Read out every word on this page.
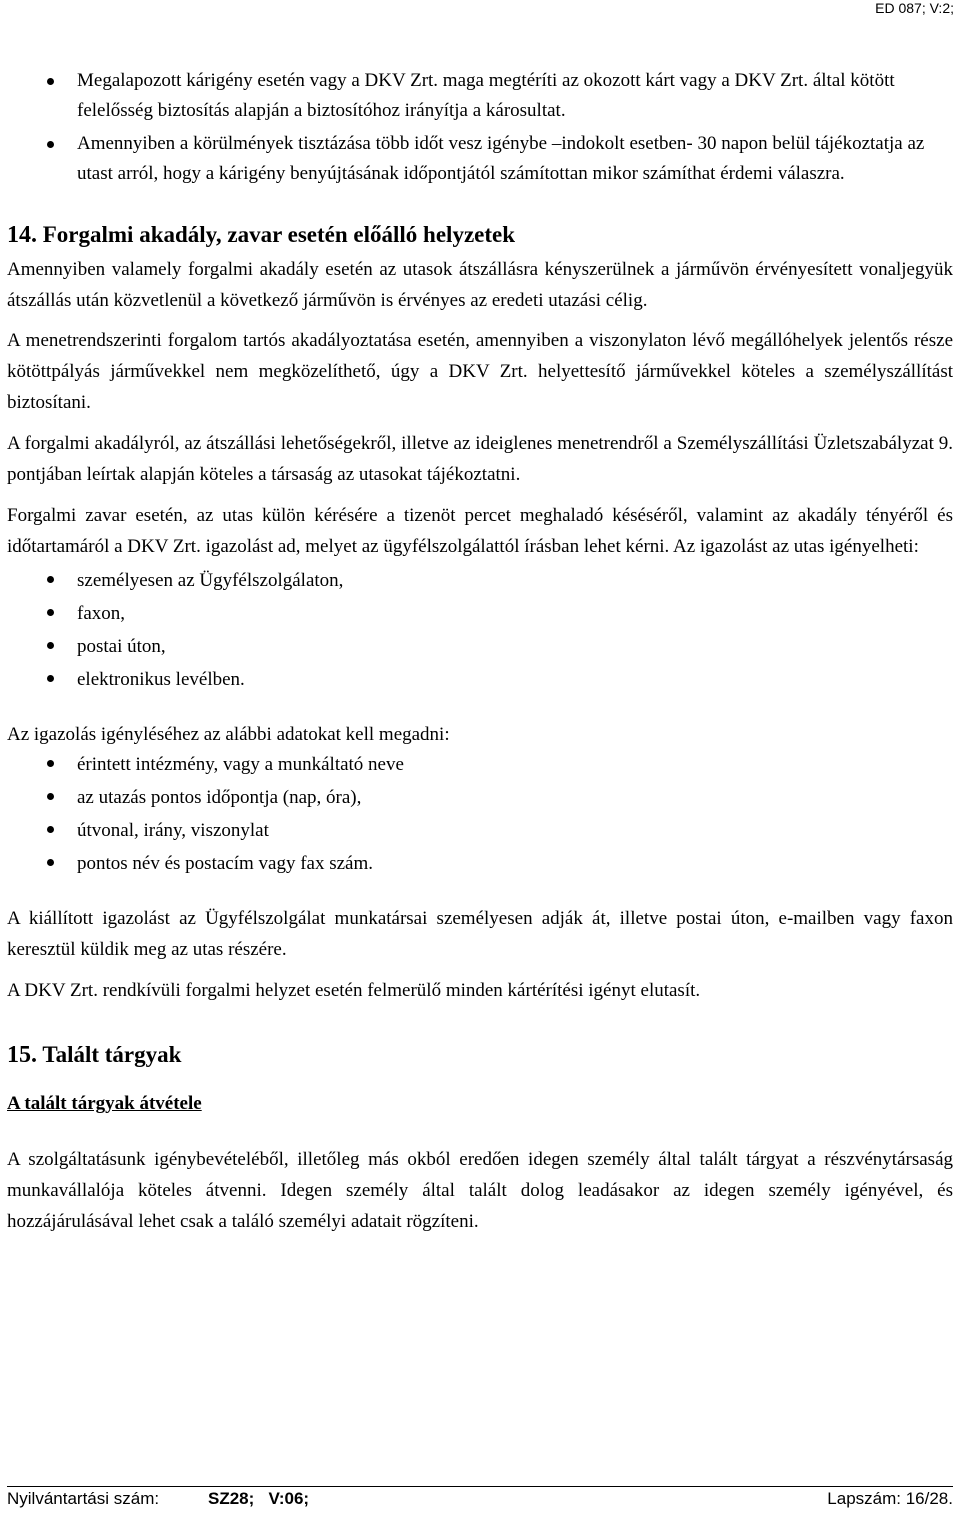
ED 087; V:2;
Megalapozott kárigény esetén vagy a DKV Zrt. maga megtéríti az okozott kárt vagy a DKV Zrt. által kötött felelősség biztosítás alapján a biztosítóhoz irányítja a károsultat.
Amennyiben a körülmények tisztázása több időt vesz igénybe –indokolt esetben- 30 napon belül tájékoztatja az utast arról, hogy a kárigény benyújtásának időpontjától számítottan mikor számíthat érdemi válaszra.
14. Forgalmi akadály, zavar esetén előálló helyzetek

Amennyiben valamely forgalmi akadály esetén az utasok átszállásra kényszerülnek a járművön érvényesített vonaljegyük átszállás után közvetlenül a következő járművön is érvényes az eredeti utazási célig.

A menetrendszerinti forgalom tartós akadályoztatása esetén, amennyiben a viszonylaton lévő megállóhelyek jelentős része kötöttpályás járművekkel nem megközelíthető, úgy a DKV Zrt. helyettesítő járművekkel köteles a személyszállítást biztosítani.

A forgalmi akadályról, az átszállási lehetőségekről, illetve az ideiglenes menetrendről a Személyszállítási Üzletszabályzat 9. pontjában leírtak alapján köteles a társaság az utasokat tájékoztatni.

Forgalmi zavar esetén, az utas külön kérésére a tizenöt percet meghaladó késéséről, valamint az akadály tényéről és időtartamáról a DKV Zrt. igazolást ad, melyet az ügyfélszolgálattól írásban lehet kérni. Az igazolást az utas igényelheti:

személyesen az Ügyfélszolgálaton,
faxon,
postai úton,
elektronikus levélben.

Az igazolás igényléséhez az alábbi adatokat kell megadni:

érintett intézmény, vagy a munkáltató neve
az utazás pontos időpontja (nap, óra),
útvonal, irány, viszonylat
pontos név és postacím vagy fax szám.

A kiállított igazolást az Ügyfélszolgálat munkatársai személyesen adják át, illetve postai úton, e-mailben vagy faxon keresztül küldik meg az utas részére.

A DKV Zrt. rendkívüli forgalmi helyzet esetén felmerülő minden kártérítési igényt elutasít.

15. Talált tárgyak
A talált tárgyak átvétele

A szolgáltatásunk igénybevételéből, illetőleg más okból eredően idegen személy által talált tárgyat a részvénytársaság munkavállalója köteles átvenni. Idegen személy által talált dolog leadásakor az idegen személy igényével, és hozzájárulásával lehet csak a találó személyi adatait rögzíteni.

Nyilvántartási szám:	SZ28;   V:06;	Lapszám: 16/28.
